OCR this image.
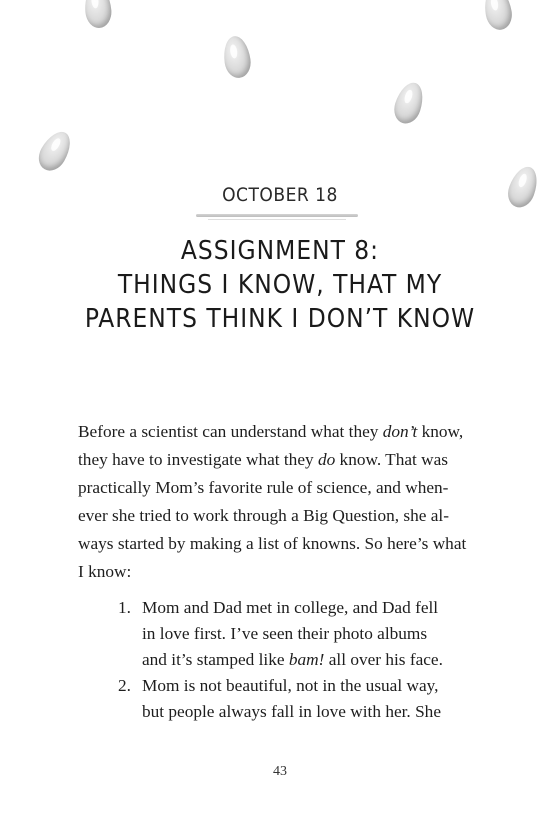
OCTOBER 18
ASSIGNMENT 8:
THINGS I KNOW, THAT MY
PARENTS THINK I DON’T KNOW
Before a scientist can understand what they don’t know,
they have to investigate what they do know. That was
practically Mom’s favorite rule of science, and when-
ever she tried to work through a Big Question, she al-
ways started by making a list of knowns. So here’s what
I know:
1. Mom and Dad met in college, and Dad fell
in love first. I’ve seen their photo albums
and it’s stamped like bam! all over his face.
2. Mom is not beautiful, not in the usual way,
but people always fall in love with her. She
43
